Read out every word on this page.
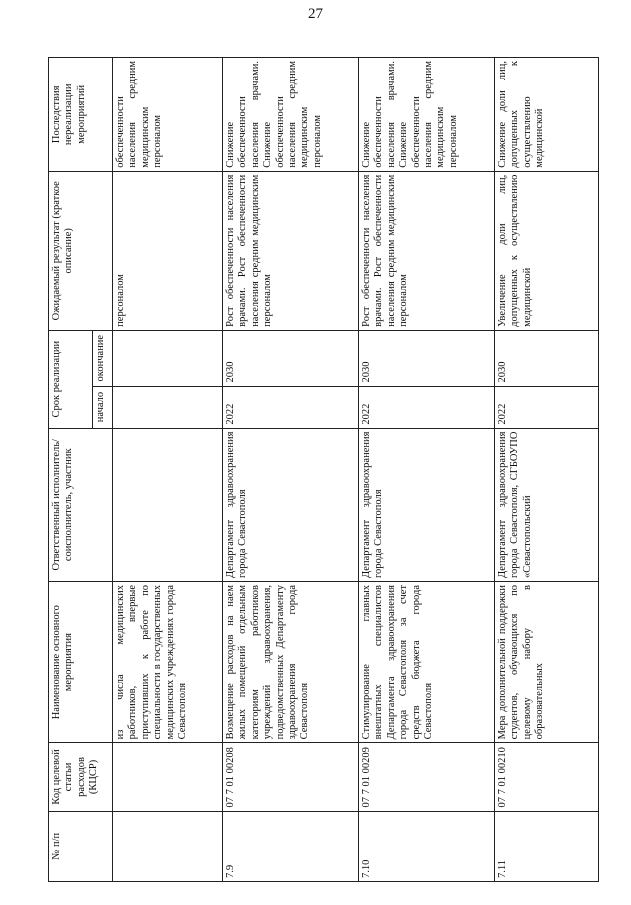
27
№ п/п	Код целевой статьи расходов (КЦСР)	Наименование основного мероприятия	Ответственный исполнитель/соисполнитель, участник	Срок реализации		Ожидаемый результат (краткое описание)	Последствия нереализации мероприятий
				начало	окончание		
		из числа медицинских работников, впервые приступивших к работе по специальности в государственных медицинских учреждениях города Севастополя				персоналом	обеспеченности населения средним медицинским персоналом
7.9	07 7 01 00208	Возмещение расходов на наем жилых помещений отдельным категориям работников учреждений здравоохранения, подведомственных Департаменту здравоохранения города Севастополя	Департамент здравоохранения города Севастополя	2022	2030	Рост обеспеченности населения врачами. Рост обеспеченности населения средним медицинским персоналом	Снижение обеспеченности населения врачами. Снижение обеспеченности населения средним медицинским персоналом
7.10	07 7 01 00209	Стимулирование главных внештатных специалистов Департамента здравоохранения города Севастополя за счет средств бюджета города Севастополя	Департамент здравоохранения города Севастополя	2022	2030	Рост обеспеченности населения врачами. Рост обеспеченности населения средним медицинским персоналом	Снижение обеспеченности населения врачами. Снижение обеспеченности населения средним медицинским персоналом
7.11	07 7 01 00210	Мера дополнительной поддержки студентов, обучающихся по целевому набору в образовательных	Департамент здравоохранения города Севастополя, СГБОУПО «Севастопольский	2022	2030	Увеличение доли лиц, допущенных к осуществлению медицинской	Снижение доли лиц, допущенных к осуществлению медицинской
